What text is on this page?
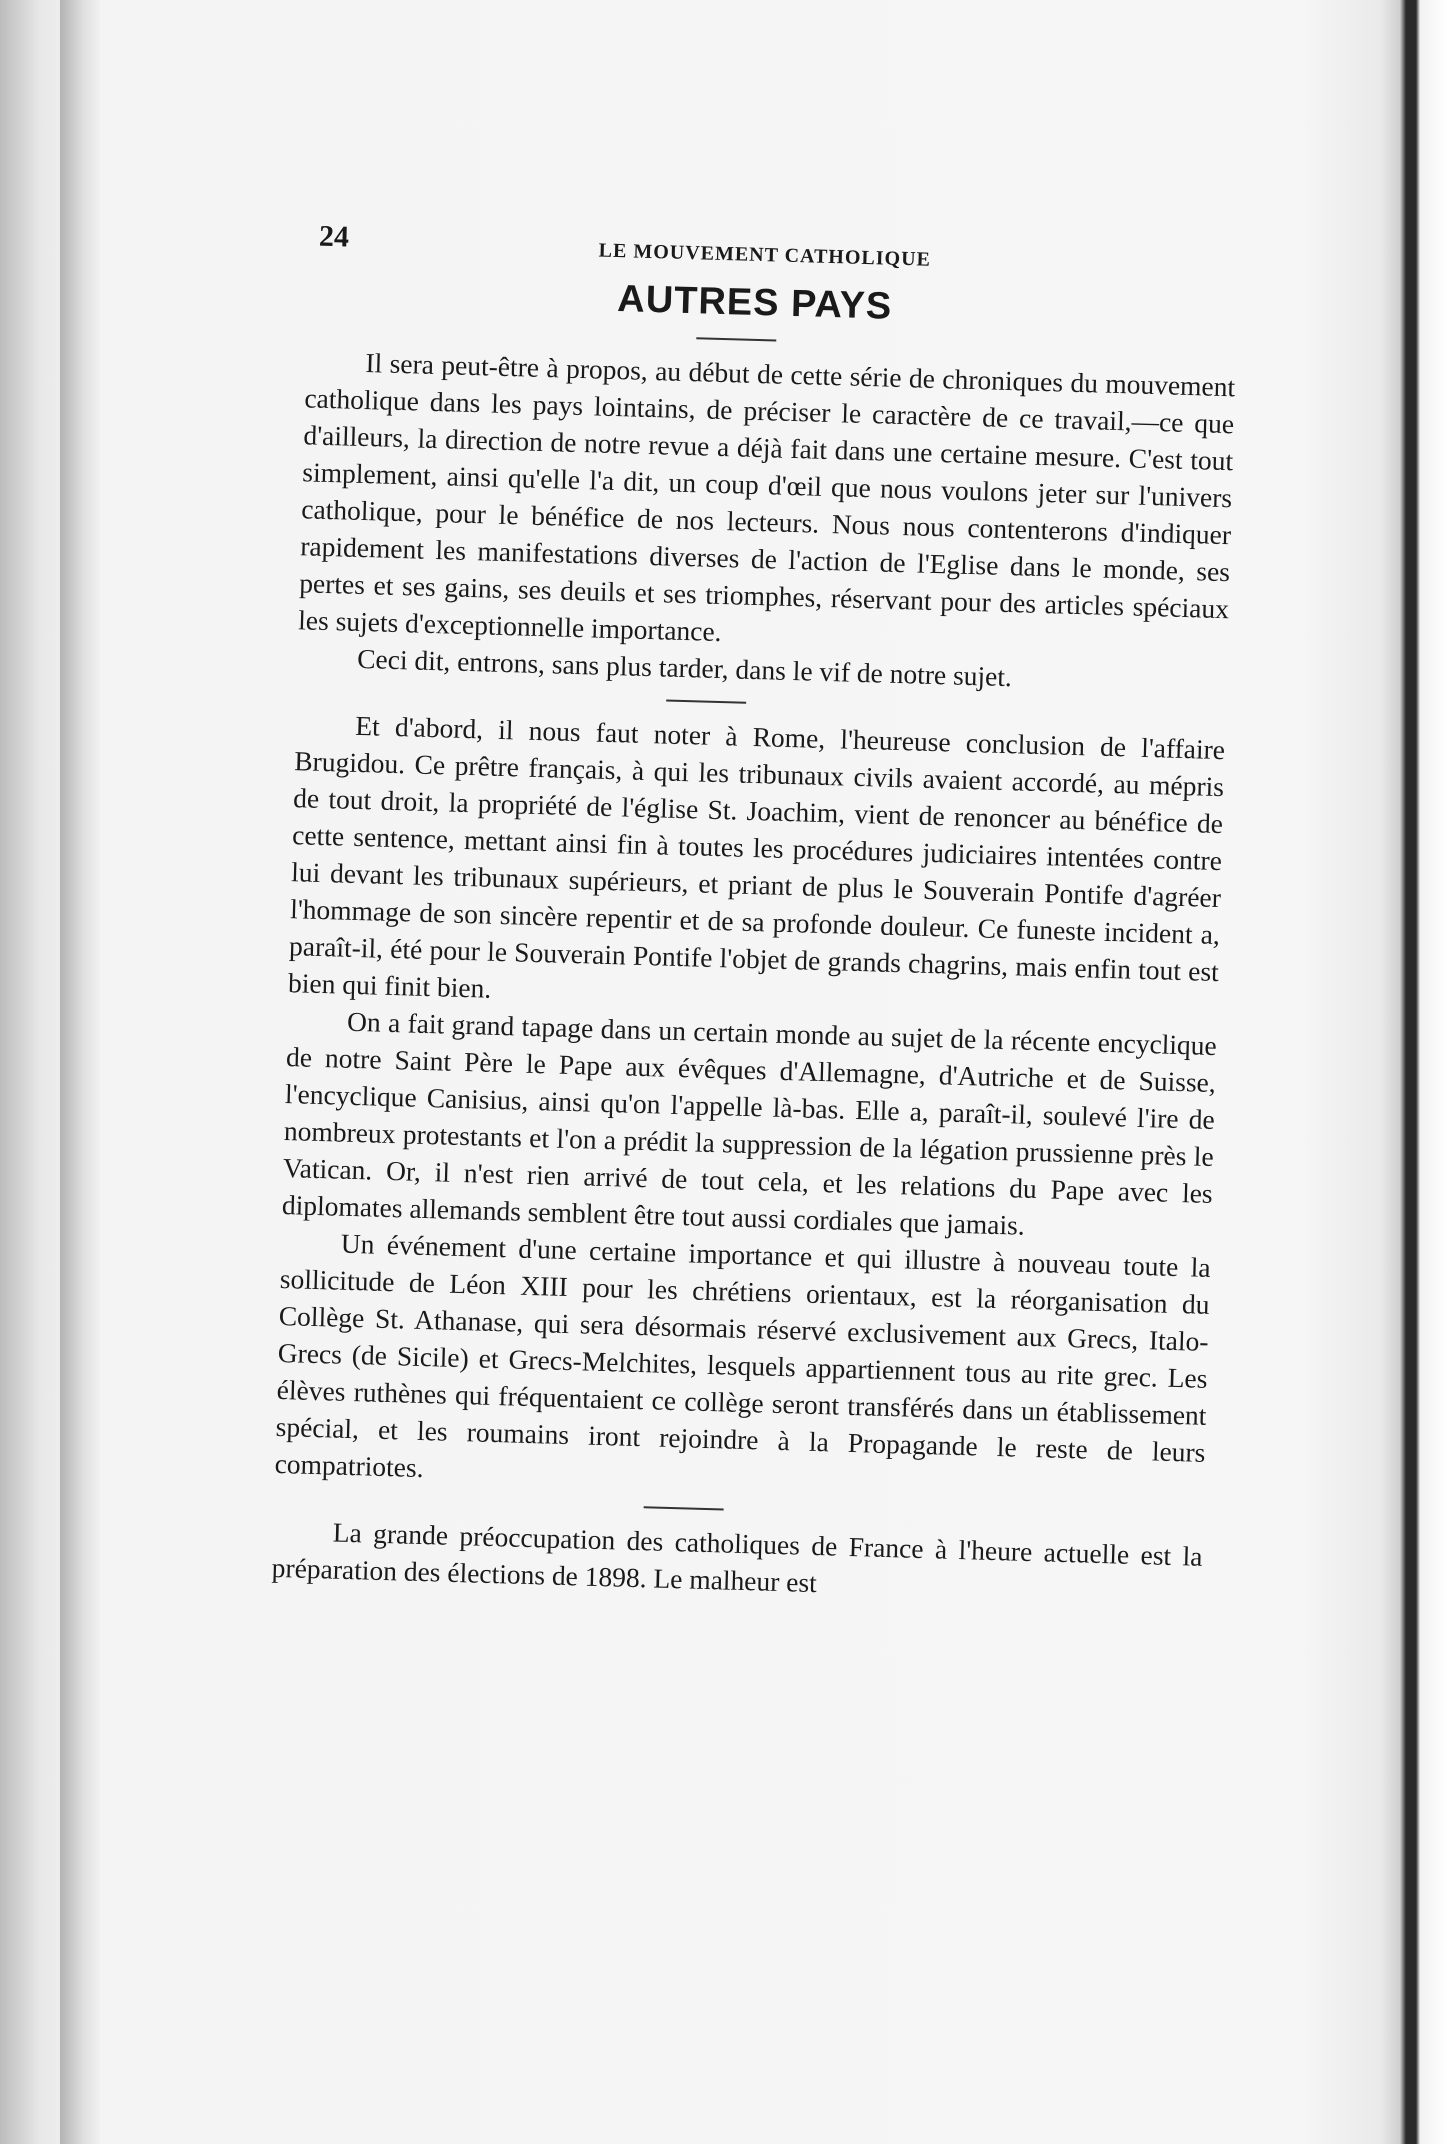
24
LE MOUVEMENT CATHOLIQUE
AUTRES PAYS

Il sera peut-être à propos, au début de cette série de chroniques du mouvement catholique dans les pays lointains, de préciser le caractère de ce travail,—ce que d'ailleurs, la direction de notre revue a déjà fait dans une certaine mesure. C'est tout simplement, ainsi qu'elle l'a dit, un coup d'œil que nous voulons jeter sur l'univers catholique, pour le bénéfice de nos lecteurs. Nous nous contenterons d'indiquer rapidement les manifestations diverses de l'action de l'Eglise dans le monde, ses pertes et ses gains, ses deuils et ses triomphes, réservant pour des articles spéciaux les sujets d'exceptionnelle importance.

Ceci dit, entrons, sans plus tarder, dans le vif de notre sujet.

Et d'abord, il nous faut noter à Rome, l'heureuse conclusion de l'affaire Brugidou. Ce prêtre français, à qui les tribunaux civils avaient accordé, au mépris de tout droit, la propriété de l'église St. Joachim, vient de renoncer au bénéfice de cette sentence, mettant ainsi fin à toutes les procédures judiciaires intentées contre lui devant les tribunaux supérieurs, et priant de plus le Souverain Pontife d'agréer l'hommage de son sincère repentir et de sa profonde douleur. Ce funeste incident a, paraît-il, été pour le Souverain Pontife l'objet de grands chagrins, mais enfin tout est bien qui finit bien.

On a fait grand tapage dans un certain monde au sujet de la récente encyclique de notre Saint Père le Pape aux évêques d'Allemagne, d'Autriche et de Suisse, l'encyclique Canisius, ainsi qu'on l'appelle là-bas. Elle a, paraît-il, soulevé l'ire de nombreux protestants et l'on a prédit la suppression de la légation prussienne près le Vatican. Or, il n'est rien arrivé de tout cela, et les relations du Pape avec les diplomates allemands semblent être tout aussi cordiales que jamais.

Un événement d'une certaine importance et qui illustre à nouveau toute la sollicitude de Léon XIII pour les chrétiens orientaux, est la réorganisation du Collège St. Athanase, qui sera désormais réservé exclusivement aux Grecs, Italo-Grecs (de Sicile) et Grecs-Melchites, lesquels appartiennent tous au rite grec. Les élèves ruthènes qui fréquentaient ce collège seront transférés dans un établissement spécial, et les roumains iront rejoindre à la Propagande le reste de leurs compatriotes.

La grande préoccupation des catholiques de France à l'heure actuelle est la préparation des élections de 1898. Le malheur est
